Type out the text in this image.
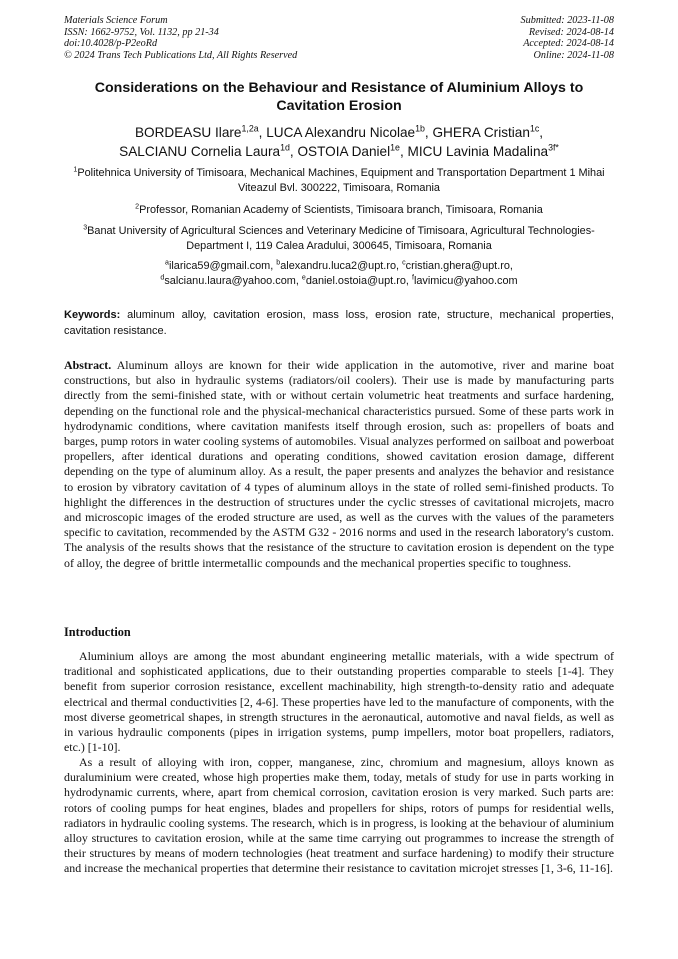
Materials Science Forum
ISSN: 1662-9752, Vol. 1132, pp 21-34
doi:10.4028/p-P2eoRd
© 2024 Trans Tech Publications Ltd, All Rights Reserved
Submitted: 2023-11-08
Revised: 2024-08-14
Accepted: 2024-08-14
Online: 2024-11-08
Considerations on the Behaviour and Resistance of Aluminium Alloys to Cavitation Erosion
BORDEASU Ilare$^{1,2a}$, LUCA Alexandru Nicolae$^{1b}$, GHERA Cristian$^{1c}$,
SALCIANU Cornelia Laura$^{1d}$, OSTOIA Daniel$^{1e}$, MICU Lavinia Madalina$^{3f*}$
$^1$Politehnica University of Timisoara, Mechanical Machines, Equipment and Transportation Department 1 Mihai Viteazul Bvl. 300222, Timisoara, Romania
$^2$Professor, Romanian Academy of Scientists, Timisoara branch, Timisoara, Romania
$^3$Banat University of Agricultural Sciences and Veterinary Medicine of Timisoara, Agricultural Technologies-Department I, 119 Calea Aradului, 300645, Timisoara, Romania
$^a$ilarica59@gmail.com, $^b$alexandru.luca2@upt.ro, $^c$cristian.ghera@upt.ro,
$^d$salcianu.laura@yahoo.com, $^e$daniel.ostoia@upt.ro, $^f$lavimicu@yahoo.com
Keywords: aluminum alloy, cavitation erosion, mass loss, erosion rate, structure, mechanical properties, cavitation resistance.

Abstract. Aluminum alloys are known for their wide application in the automotive, river and marine boat constructions, but also in hydraulic systems (radiators/oil coolers). Their use is made by manufacturing parts directly from the semi-finished state, with or without certain volumetric heat treatments and surface hardening, depending on the functional role and the physical-mechanical characteristics pursued. Some of these parts work in hydrodynamic conditions, where cavitation manifests itself through erosion, such as: propellers of boats and barges, pump rotors in water cooling systems of automobiles. Visual analyzes performed on sailboat and powerboat propellers, after identical durations and operating conditions, showed cavitation erosion damage, different depending on the type of aluminum alloy. As a result, the paper presents and analyzes the behavior and resistance to erosion by vibratory cavitation of 4 types of aluminum alloys in the state of rolled semi-finished products. To highlight the differences in the destruction of structures under the cyclic stresses of cavitational microjets, macro and microscopic images of the eroded structure are used, as well as the curves with the values of the parameters specific to cavitation, recommended by the ASTM G32 - 2016 norms and used in the research laboratory's custom. The analysis of the results shows that the resistance of the structure to cavitation erosion is dependent on the type of alloy, the degree of brittle intermetallic compounds and the mechanical properties specific to toughness.

Introduction

Aluminium alloys are among the most abundant engineering metallic materials, with a wide spectrum of traditional and sophisticated applications, due to their outstanding properties comparable to steels [1-4]. They benefit from superior corrosion resistance, excellent machinability, high strength-to-density ratio and adequate electrical and thermal conductivities [2, 4-6]. These properties have led to the manufacture of components, with the most diverse geometrical shapes, in strength structures in the aeronautical, automotive and naval fields, as well as in various hydraulic components (pipes in irrigation systems, pump impellers, motor boat propellers, radiators, etc.) [1-10].

As a result of alloying with iron, copper, manganese, zinc, chromium and magnesium, alloys known as duraluminium were created, whose high properties make them, today, metals of study for use in parts working in hydrodynamic currents, where, apart from chemical corrosion, cavitation erosion is very marked. Such parts are: rotors of cooling pumps for heat engines, blades and propellers for ships, rotors of pumps for residential wells, radiators in hydraulic cooling systems. The research, which is in progress, is looking at the behaviour of aluminium alloy structures to cavitation erosion, while at the same time carrying out programmes to increase the strength of their structures by means of modern technologies (heat treatment and surface hardening) to modify their structure and increase the mechanical properties that determine their resistance to cavitation microjet stresses [1, 3-6, 11-16].
